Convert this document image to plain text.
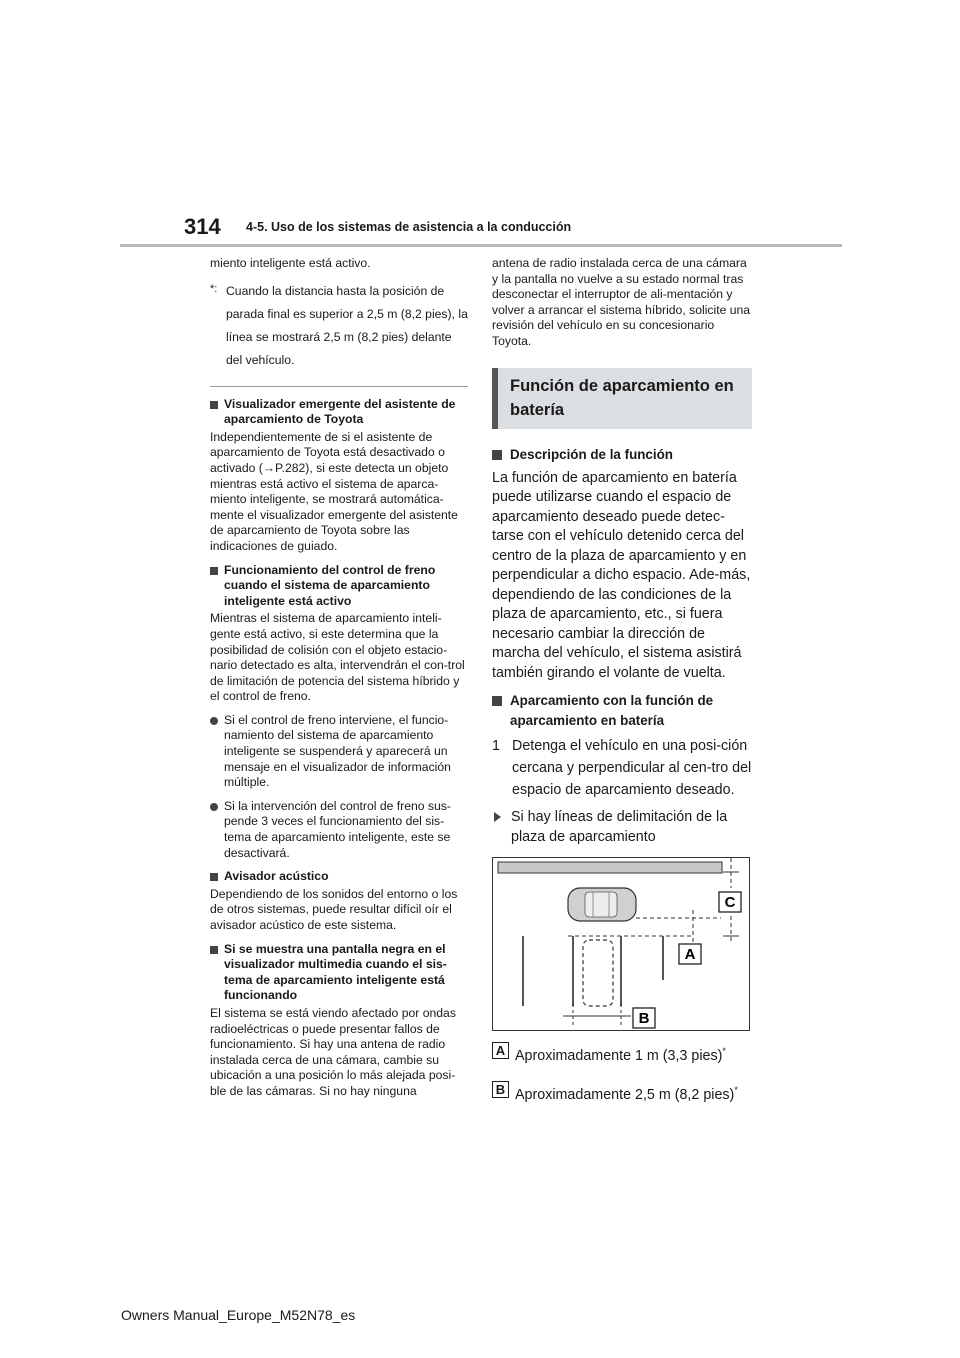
314 4-5. Uso de los sistemas de asistencia a la conducción

miento inteligente está activo.

*: Cuando la distancia hasta la posición de parada final es superior a 2,5 m (8,2 pies), la línea se mostrará 2,5 m (8,2 pies) delante del vehículo.
Visualizador emergente del asistente de aparcamiento de Toyota

Independientemente de si el asistente de aparcamiento de Toyota está desactivado o activado (→P.282), si este detecta un objeto mientras está activo el sistema de aparca-miento inteligente, se mostrará automática-mente el visualizador emergente del asistente de aparcamiento de Toyota sobre las indicaciones de guiado.

Funcionamiento del control de freno cuando el sistema de aparcamiento inteligente está activo

Mientras el sistema de aparcamiento inteli-gente está activo, si este determina que la posibilidad de colisión con el objeto estacio-nario detectado es alta, intervendrán el con-trol de limitación de potencia del sistema híbrido y el control de freno.

Si el control de freno interviene, el funcio-namiento del sistema de aparcamiento inteligente se suspenderá y aparecerá un mensaje en el visualizador de información múltiple.
Si la intervención del control de freno sus-pende 3 veces el funcionamiento del sis-tema de aparcamiento inteligente, este se desactivará.
Avisador acústico

Dependiendo de los sonidos del entorno o los de otros sistemas, puede resultar difícil oír el avisador acústico de este sistema.

Si se muestra una pantalla negra en el visualizador multimedia cuando el sis-tema de aparcamiento inteligente está funcionando

El sistema se está viendo afectado por ondas radioeléctricas o puede presentar fallos de funcionamiento. Si hay una antena de radio instalada cerca de una cámara, cambie su ubicación a una posición lo más alejada posi-ble de las cámaras. Si no hay ninguna

antena de radio instalada cerca de una cámara y la pantalla no vuelve a su estado normal tras desconectar el interruptor de ali-mentación y volver a arrancar el sistema híbrido, solicite una revisión del vehículo en su concesionario Toyota.

Función de aparcamiento en batería
Descripción de la función

La función de aparcamiento en batería puede utilizarse cuando el espacio de aparcamiento deseado puede detec-tarse con el vehículo detenido cerca del centro de la plaza de aparcamiento y en perpendicular a dicho espacio. Ade-más, dependiendo de las condiciones de la plaza de aparcamiento, etc., si fuera necesario cambiar la dirección de marcha del vehículo, el sistema asistirá también girando el volante de vuelta.

Aparcamiento con la función de aparcamiento en batería
1 Detenga el vehículo en una posi-ción cercana y perpendicular al cen-tro del espacio de aparcamiento deseado.
Si hay líneas de delimitación de la plaza de aparcamiento
C
A
B
A Aproximadamente 1 m (3,3 pies)*
B Aproximadamente 2,5 m (8,2 pies)*
Owners Manual_Europe_M52N78_es
